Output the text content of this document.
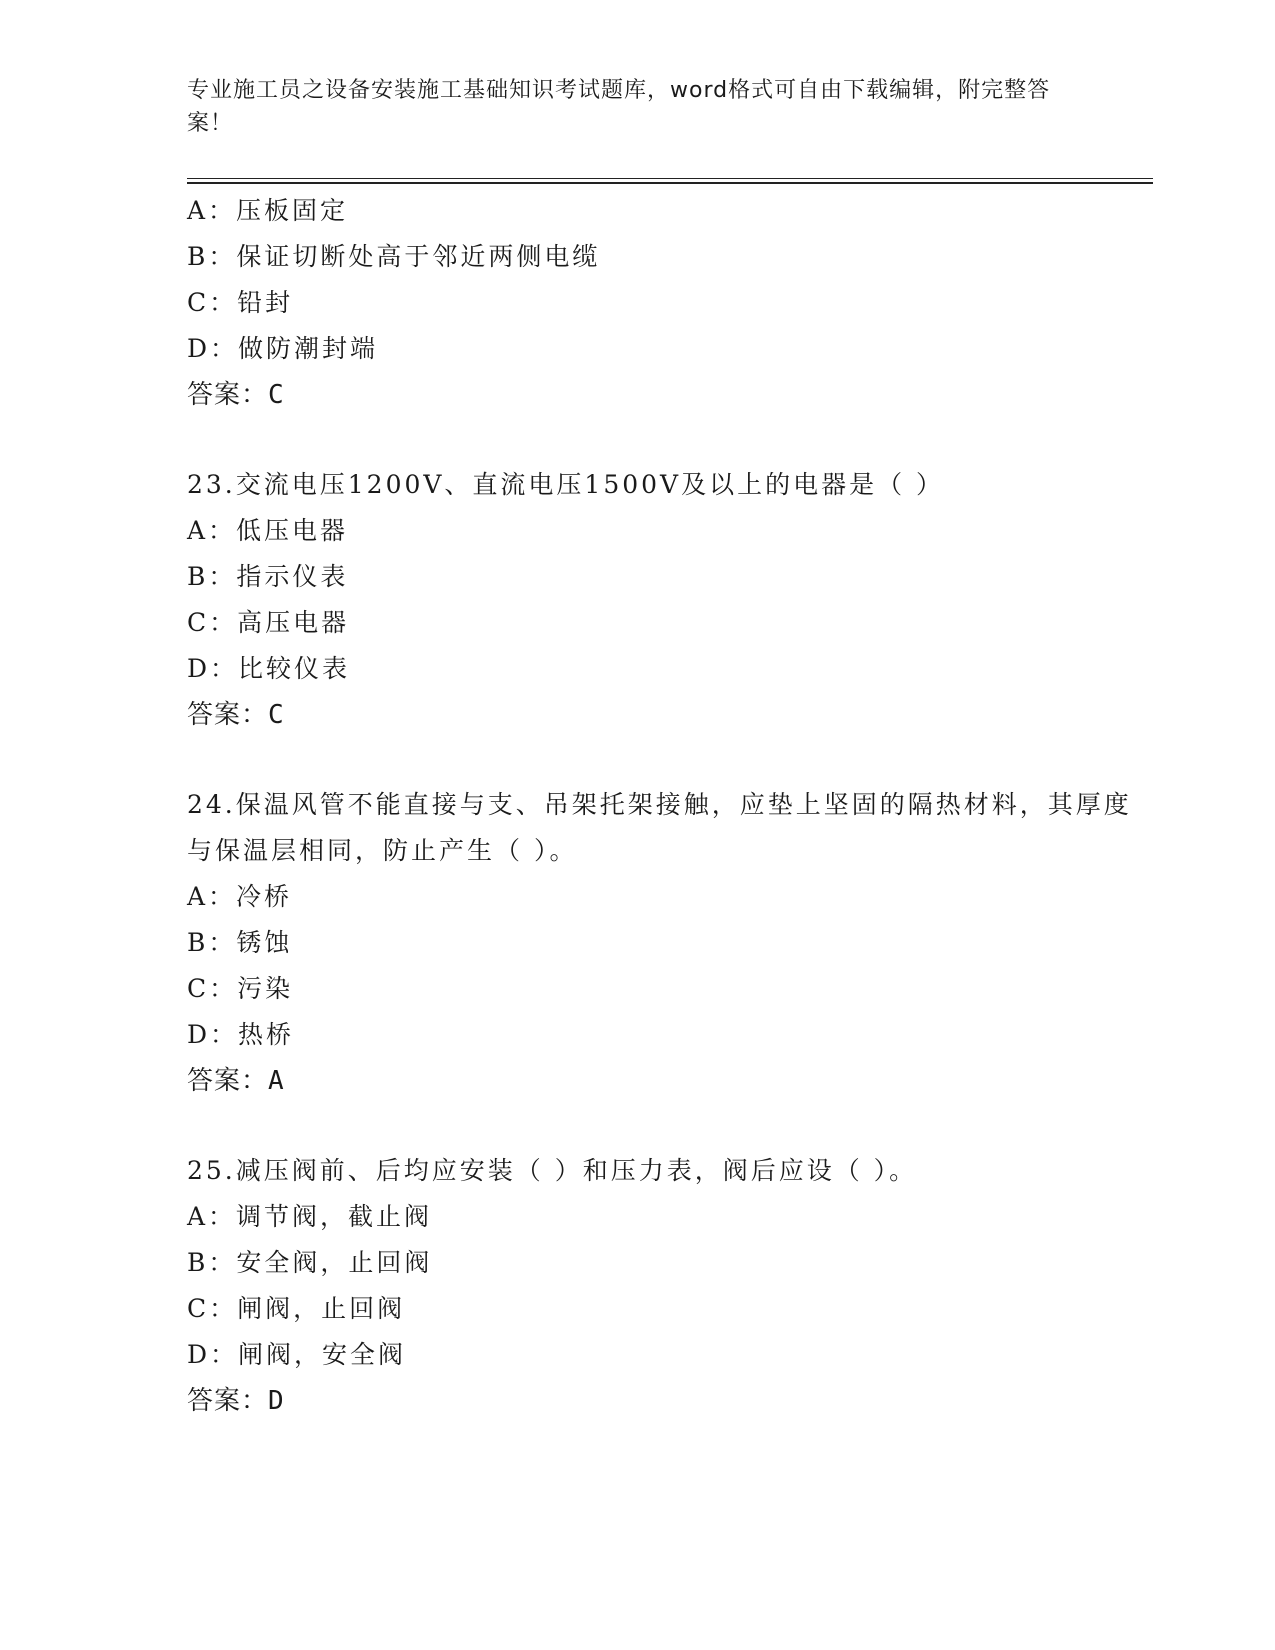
专业施工员之设备安装施工基础知识考试题库，word格式可自由下载编辑，附完整答案！
A：压板固定
B：保证切断处高于邻近两侧电缆
C：铅封
D：做防潮封端
答案：C
23.交流电压1200V、直流电压1500V及以上的电器是（ ）
A：低压电器
B：指示仪表
C：高压电器
D：比较仪表
答案：C
24.保温风管不能直接与支、吊架托架接触，应垫上坚固的隔热材料，其厚度与保温层相同，防止产生（ ）。
A：冷桥
B：锈蚀
C：污染
D：热桥
答案：A
25.减压阀前、后均应安装（ ）和压力表，阀后应设（ ）。
A：调节阀，截止阀
B：安全阀，止回阀
C：闸阀，止回阀
D：闸阀，安全阀
答案：D
